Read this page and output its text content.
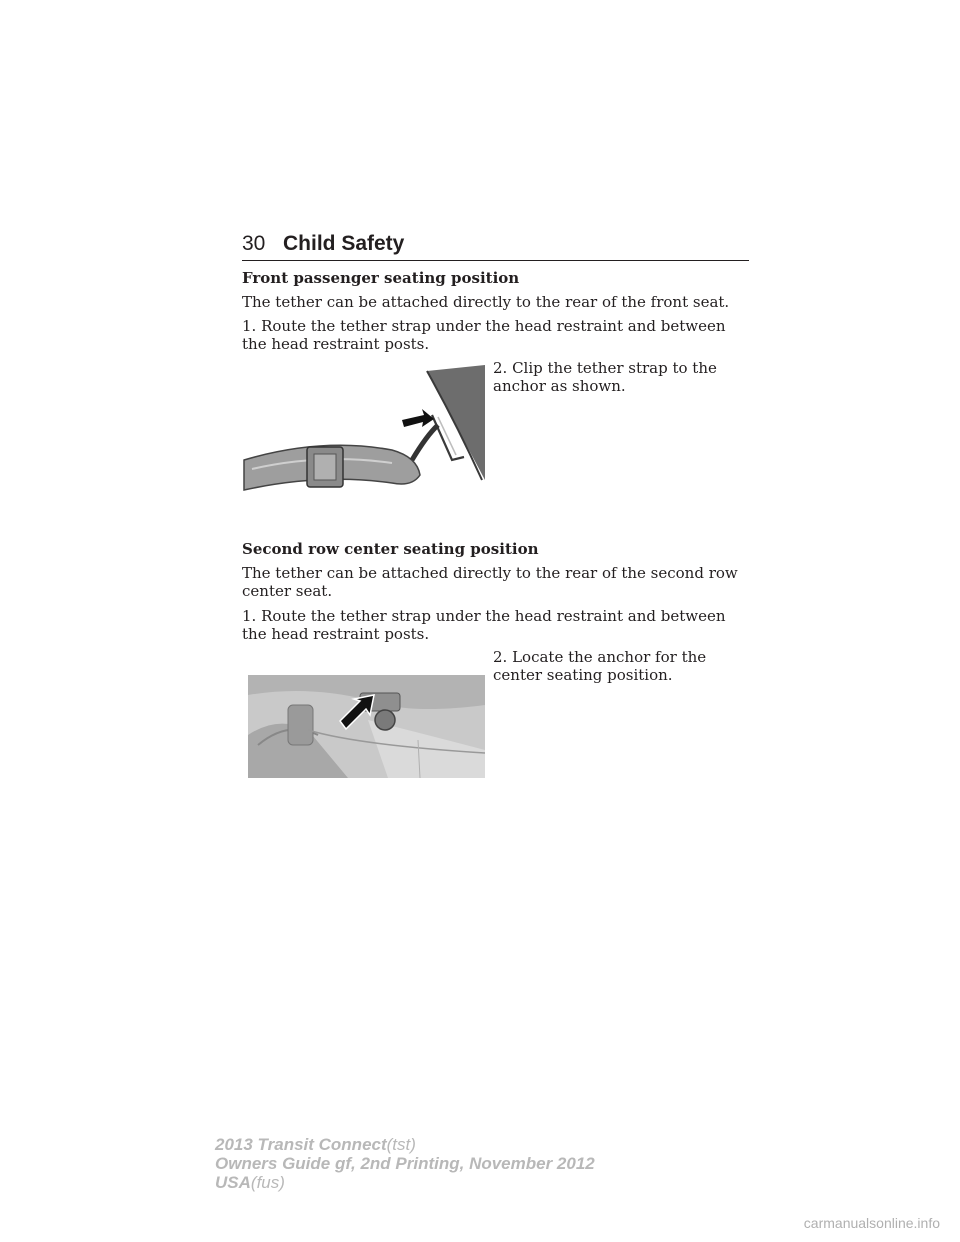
30 Child Safety

Front passenger seating position

The tether can be attached directly to the rear of the front seat.

1. Route the tether strap under the head restraint and between the head restraint posts.

2. Clip the tether strap to the anchor as shown.

Second row center seating position

The tether can be attached directly to the rear of the second row center seat.

1. Route the tether strap under the head restraint and between the head restraint posts.

2. Locate the anchor for the center seating position.

2013 Transit Connect(tst)
Owners Guide gf, 2nd Printing, November 2012
USA(fus)
carmanualsonline.info
